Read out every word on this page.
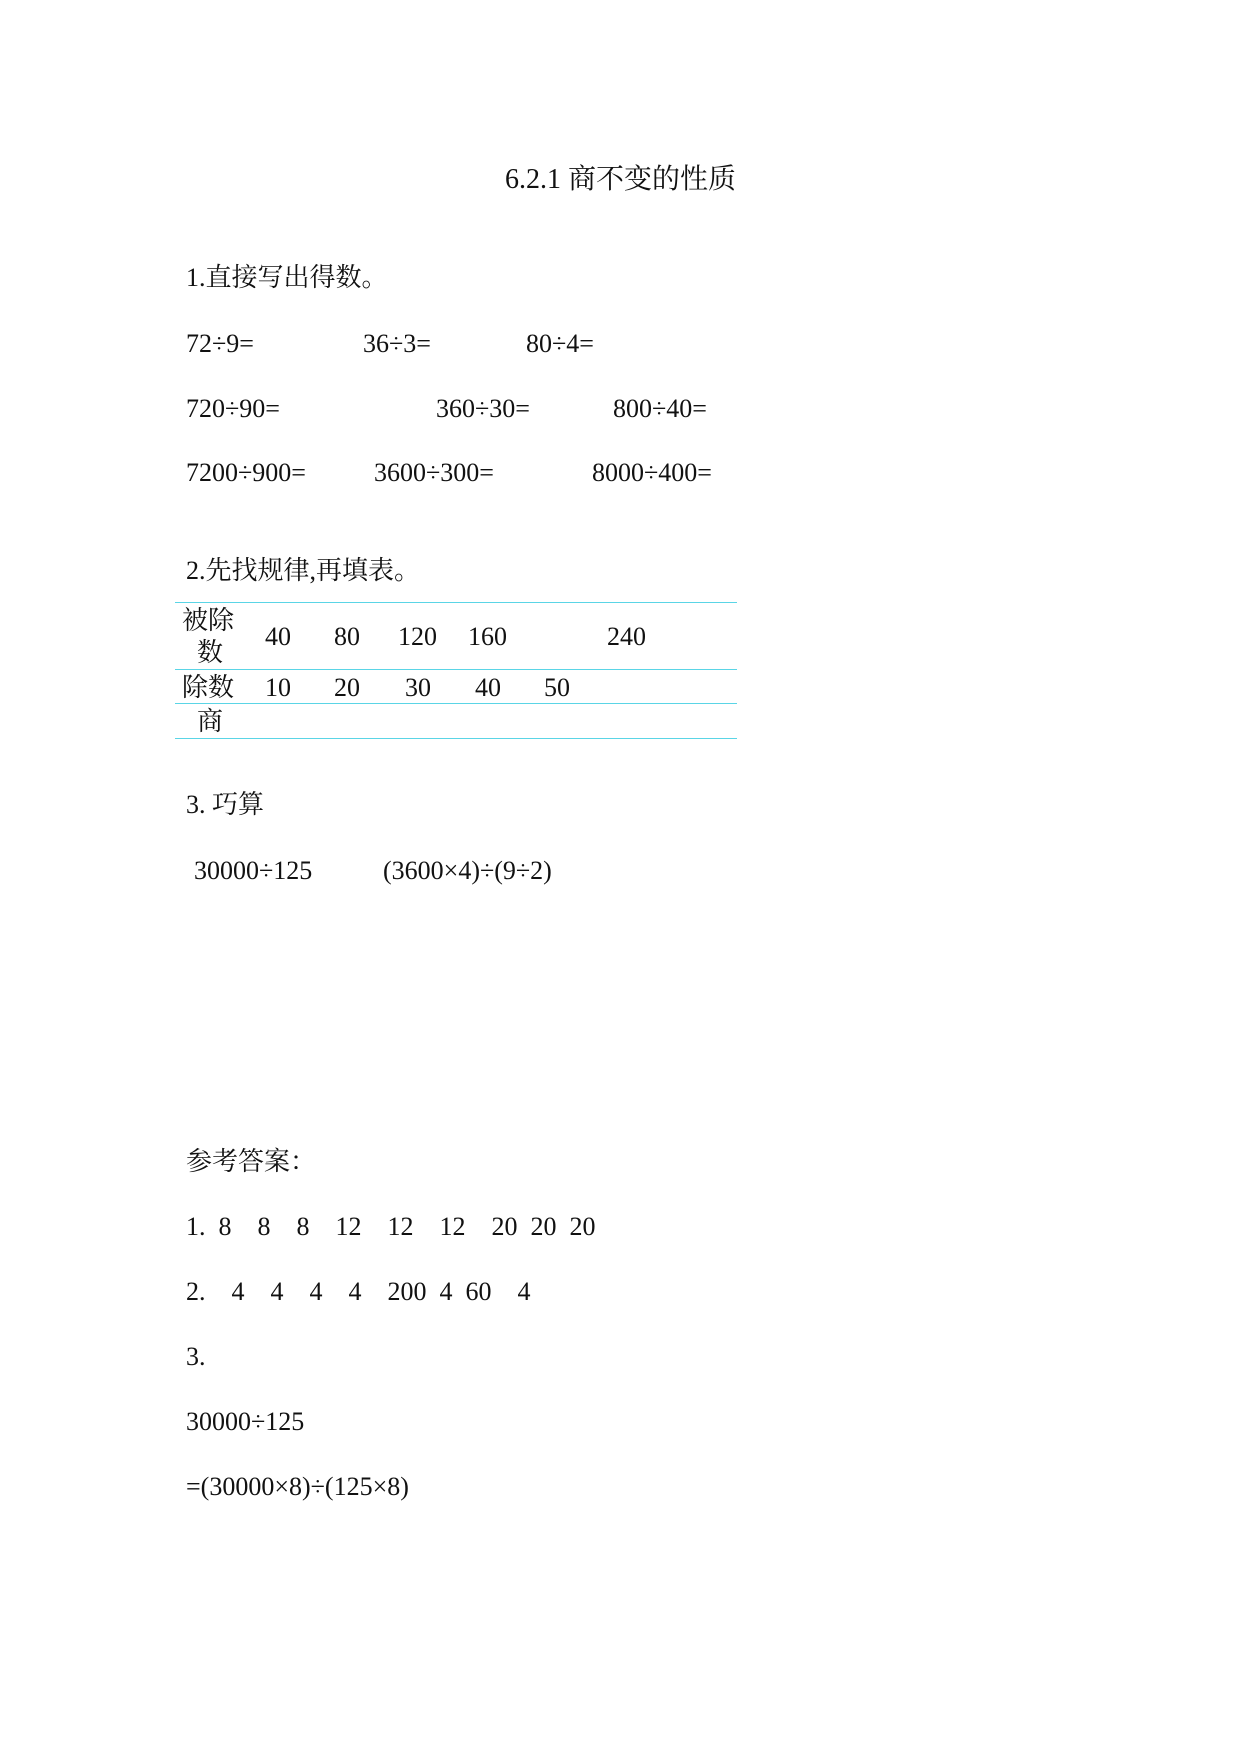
6.2.1 商不变的性质
1.直接写出得数。
72÷9=	36÷3=	80÷4=
720÷90=	360÷30=	800÷40=
7200÷900=	3600÷300=	8000÷400=
2.先找规律,再填表。
被除
数
40 80 120 160	240
除数 10 20 30 40 50
商
3. 巧算
30000÷125	(3600×4)÷(9÷2)
参考答案：
1.  8    8    8    12    12    12    20  20  20
2.    4    4    4    4    200  4  60    4
3.
30000÷125
=(30000×8)÷(125×8)
